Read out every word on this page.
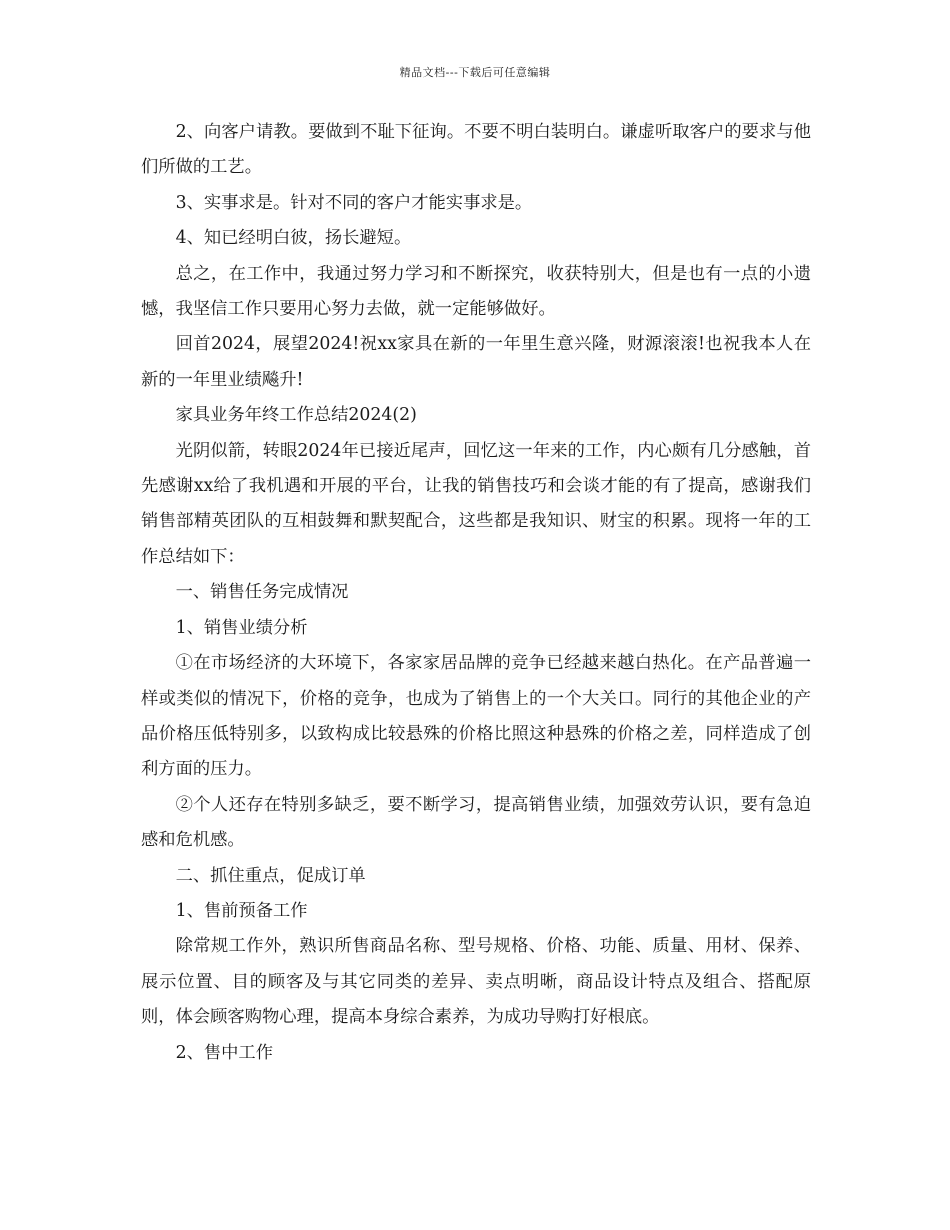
精品文档---下载后可任意编辑

2、向客户请教。要做到不耻下征询。不要不明白装明白。谦虚听取客户的要求与他们所做的工艺。

3、实事求是。针对不同的客户才能实事求是。

4、知已经明白彼，扬长避短。

总之，在工作中，我通过努力学习和不断探究，收获特别大，但是也有一点的小遗憾，我坚信工作只要用心努力去做，就一定能够做好。

回首2024，展望2024!祝xx家具在新的一年里生意兴隆，财源滚滚!也祝我本人在新的一年里业绩飚升!

家具业务年终工作总结2024(2)

光阴似箭，转眼2024年已接近尾声，回忆这一年来的工作，内心颇有几分感触，首先感谢xx给了我机遇和开展的平台，让我的销售技巧和会谈才能的有了提高，感谢我们销售部精英团队的互相鼓舞和默契配合，这些都是我知识、财宝的积累。现将一年的工作总结如下：

一、销售任务完成情况

1、销售业绩分析

①在市场经济的大环境下，各家家居品牌的竞争已经越来越白热化。在产品普遍一样或类似的情况下，价格的竞争，也成为了销售上的一个大关口。同行的其他企业的产品价格压低特别多，以致构成比较悬殊的价格比照这种悬殊的价格之差，同样造成了创利方面的压力。

②个人还存在特别多缺乏，要不断学习，提高销售业绩，加强效劳认识，要有急迫感和危机感。

二、抓住重点，促成订单

1、售前预备工作

除常规工作外，熟识所售商品名称、型号规格、价格、功能、质量、用材、保养、展示位置、目的顾客及与其它同类的差异、卖点明晰，商品设计特点及组合、搭配原则，体会顾客购物心理，提高本身综合素养，为成功导购打好根底。

2、售中工作
